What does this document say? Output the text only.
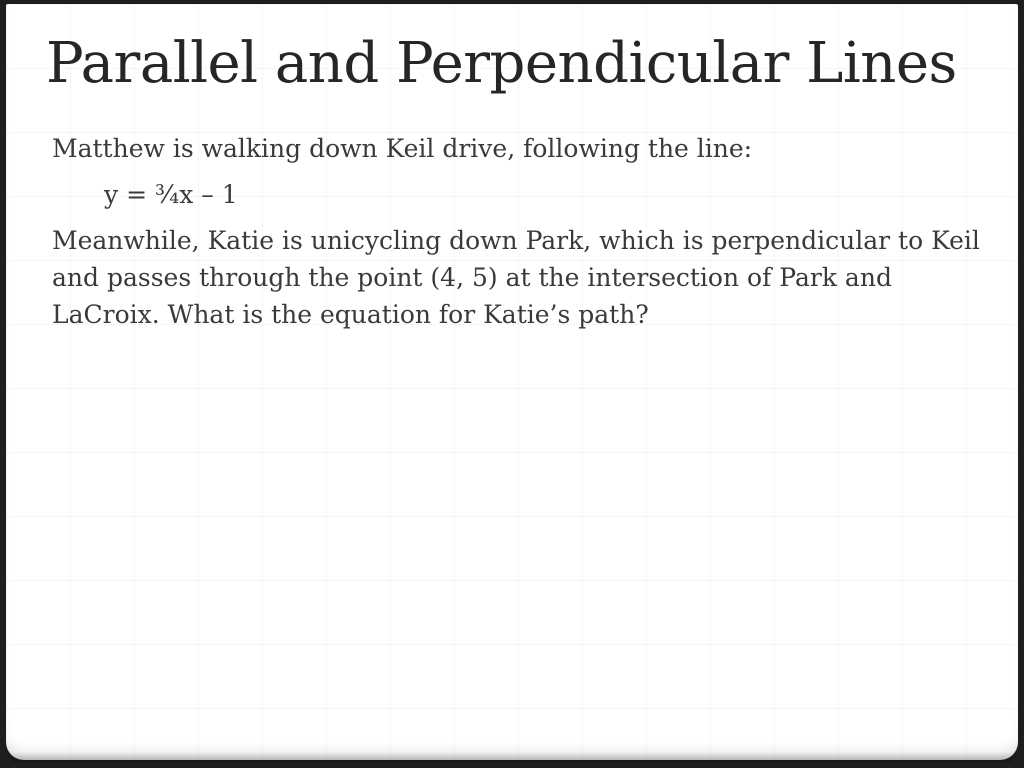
Parallel and Perpendicular Lines

Matthew is walking down Keil drive, following the line:

y = ¾x – 1

Meanwhile, Katie is unicycling down Park, which is perpendicular to Keil and passes through the point (4, 5) at the intersection of Park and LaCroix. What is the equation for Katie’s path?
